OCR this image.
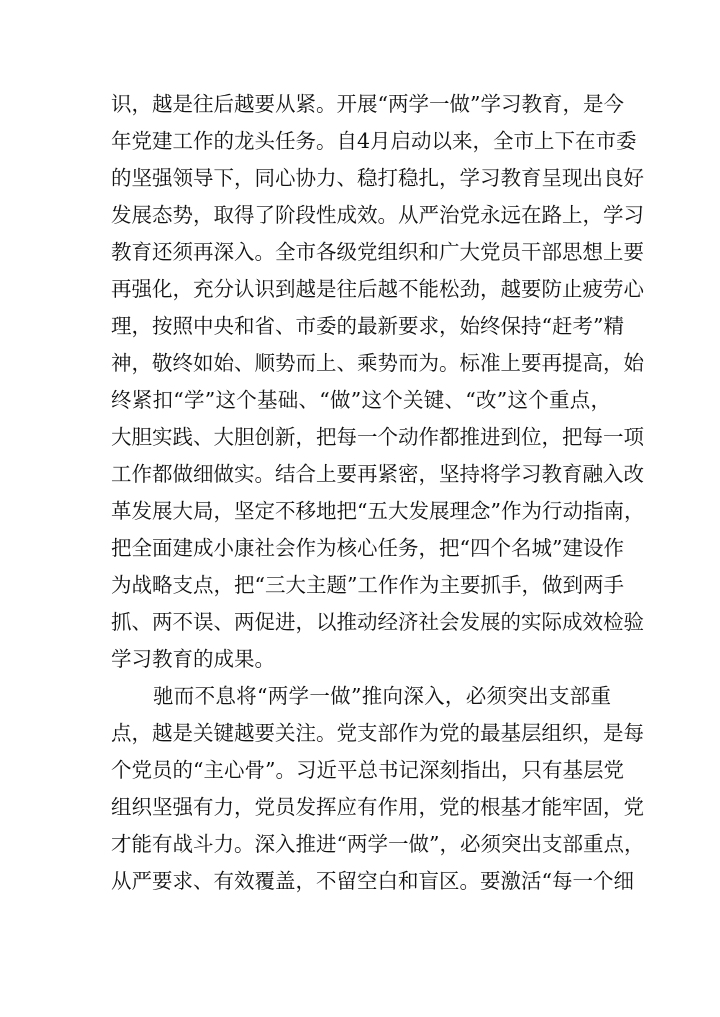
识，越是往后越要从紧。开展“两学一做”学习教育，是今
年党建工作的龙头任务。自4月启动以来，全市上下在市委
的坚强领导下，同心协力、稳打稳扎，学习教育呈现出良好
发展态势，取得了阶段性成效。从严治党永远在路上，学习
教育还须再深入。全市各级党组织和广大党员干部思想上要
再强化，充分认识到越是往后越不能松劲，越要防止疲劳心
理，按照中央和省、市委的最新要求，始终保持“赶考”精
神，敬终如始、顺势而上、乘势而为。标准上要再提高，始
终紧扣“学”这个基础、“做”这个关键、“改”这个重点，
大胆实践、大胆创新，把每一个动作都推进到位，把每一项
工作都做细做实。结合上要再紧密，坚持将学习教育融入改
革发展大局，坚定不移地把“五大发展理念”作为行动指南，
把全面建成小康社会作为核心任务，把“四个名城”建设作
为战略支点，把“三大主题”工作作为主要抓手，做到两手
抓、两不误、两促进，以推动经济社会发展的实际成效检验
学习教育的成果。
驰而不息将“两学一做”推向深入，必须突出支部重
点，越是关键越要关注。党支部作为党的最基层组织，是每
个党员的“主心骨”。习近平总书记深刻指出，只有基层党
组织坚强有力，党员发挥应有作用，党的根基才能牢固，党
才能有战斗力。深入推进“两学一做”，必须突出支部重点，
从严要求、有效覆盖，不留空白和盲区。要激活“每一个细
